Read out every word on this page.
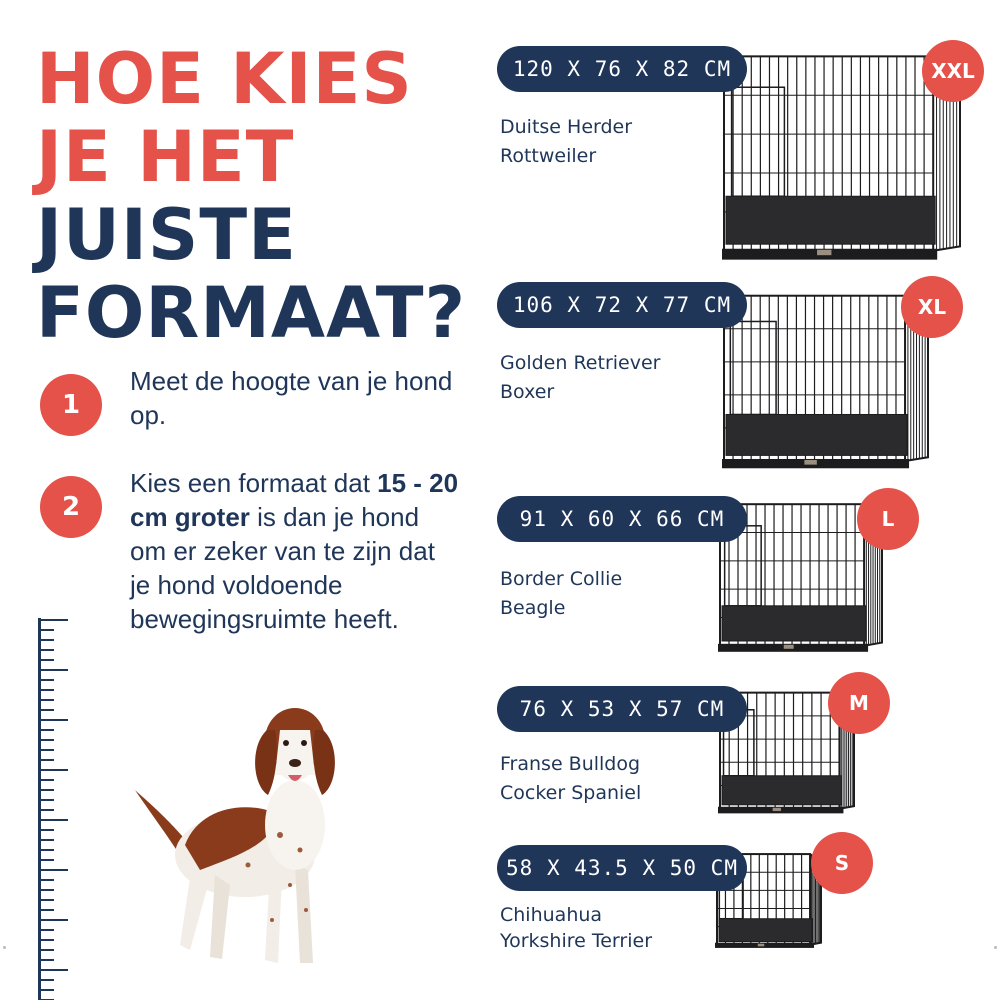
HOE KIES
JE HET
JUISTE
FORMAAT?
1
Meet de hoogte van je hond op.
2
Kies een formaat dat 15 - 20 cm groter is dan je hond om er zeker van te zijn dat je hond voldoende bewegingsruimte heeft.
120 X 76 X 82 CM	XXL
Duitse Herder
Rottweiler
106 X 72 X 77 CM	XL
Golden Retriever
Boxer
91 X 60 X 66 CM	L
Border Collie
Beagle
76 X 53 X 57 CM	M
Franse Bulldog
Cocker Spaniel
58 X 43.5 X 50 CM	S
Chihuahua
Yorkshire Terrier
